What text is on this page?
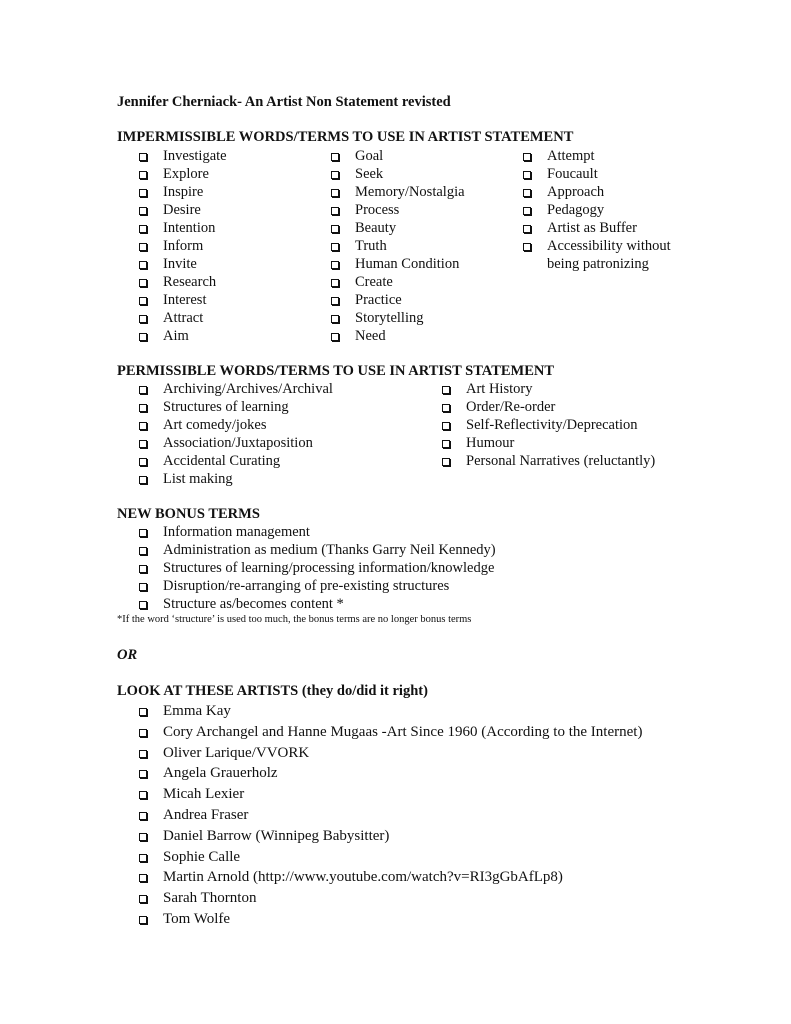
Jennifer Cherniack- An Artist Non Statement revisted
IMPERMISSIBLE WORDS/TERMS TO USE IN ARTIST STATEMENT
Investigate
Explore
Inspire
Desire
Intention
Inform
Invite
Research
Interest
Attract
Aim
Goal
Seek
Memory/Nostalgia
Process
Beauty
Truth
Human Condition
Create
Practice
Storytelling
Need
Attempt
Foucault
Approach
Pedagogy
Artist as Buffer
Accessibility without being patronizing
PERMISSIBLE WORDS/TERMS TO USE IN ARTIST STATEMENT
Archiving/Archives/Archival
Structures of learning
Art comedy/jokes
Association/Juxtaposition
Accidental Curating
List making
Art History
Order/Re-order
Self-Reflectivity/Deprecation
Humour
Personal Narratives (reluctantly)
NEW BONUS TERMS
Information management
Administration as medium (Thanks Garry Neil Kennedy)
Structures of learning/processing information/knowledge
Disruption/re-arranging of pre-existing structures
Structure as/becomes content *
*If the word ‘structure’ is used too much, the bonus terms are no longer bonus terms
OR
LOOK AT THESE ARTISTS (they do/did it right)
Emma Kay
Cory Archangel and Hanne Mugaas -Art Since 1960 (According to the Internet)
Oliver Larique/VVORK
Angela Grauerholz
Micah Lexier
Andrea Fraser
Daniel Barrow (Winnipeg Babysitter)
Sophie Calle
Martin Arnold (http://www.youtube.com/watch?v=RI3gGbAfLp8)
Sarah Thornton
Tom Wolfe
